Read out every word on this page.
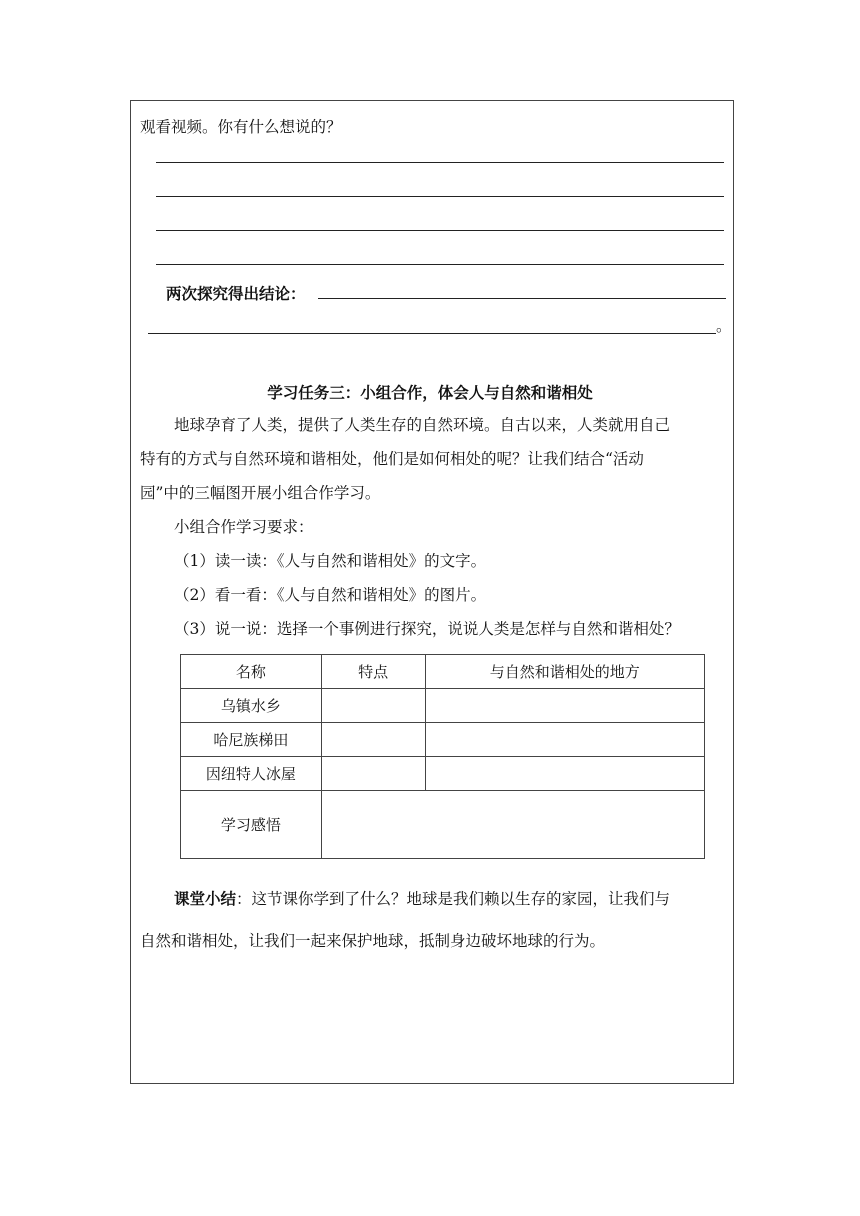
观看视频。你有什么想说的？
两次探究得出结论：
。
学习任务三：小组合作，体会人与自然和谐相处
地球孕育了人类，提供了人类生存的自然环境。自古以来，人类就用自己
特有的方式与自然环境和谐相处，他们是如何相处的呢？让我们结合“活动
园”中的三幅图开展小组合作学习。
小组合作学习要求：
（1）读一读：《人与自然和谐相处》的文字。
（2）看一看：《人与自然和谐相处》的图片。
（3）说一说：选择一个事例进行探究，说说人类是怎样与自然和谐相处？
名称	特点	与自然和谐相处的地方
乌镇水乡		
哈尼族梯田		
因纽特人冰屋		
学习感悟		
课堂小结：这节课你学到了什么？地球是我们赖以生存的家园，让我们与
自然和谐相处，让我们一起来保护地球，抵制身边破坏地球的行为。
